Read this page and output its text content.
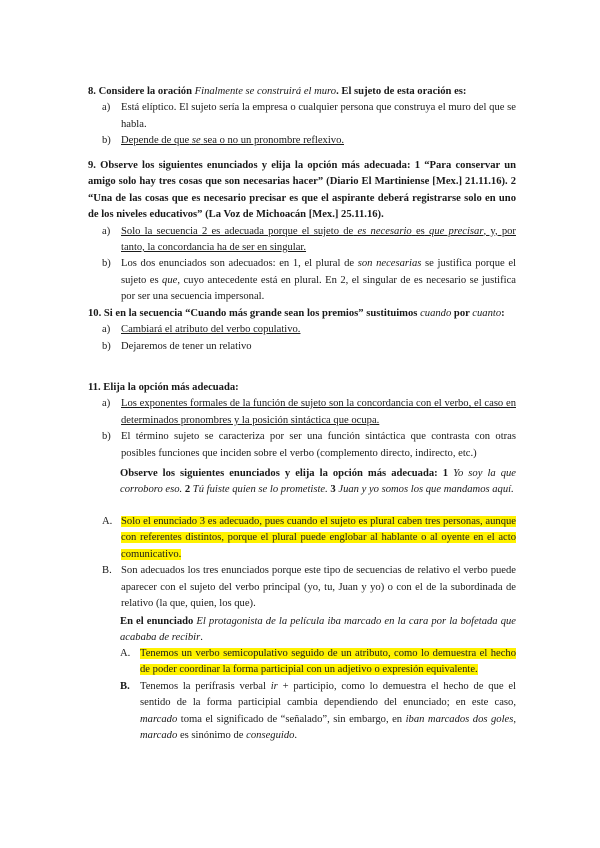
8. Considere la oración Finalmente se construirá el muro. El sujeto de esta oración es:

a)	Está elíptico. El sujeto sería la empresa o cualquier persona que construya el muro del que se habla.
b) Depende de que se sea o no un pronombre reflexivo.

9. Observe los siguientes enunciados y elija la opción más adecuada: 1 “Para conservar un amigo solo hay tres cosas que son necesarias hacer” (Diario El Martiniense [Mex.] 21.11.16). 2 “Una de las cosas que es necesario precisar es que el aspirante deberá registrarse solo en uno de los niveles educativos” (La Voz de Michoacán [Mex.] 25.11.16).

a)	Solo la secuencia 2 es adecuada porque el sujeto de es necesario es que precisar, y, por tanto, la concordancia ha de ser en singular.
b) Los dos enunciados son adecuados: en 1, el plural de son necesarias se justifica porque el sujeto es que, cuyo antecedente está en plural. En 2, el singular de es necesario se justifica por ser una secuencia impersonal.

10. Si en la secuencia “Cuando más grande sean los premios” sustituimos cuando por cuanto:

a)	Cambiará el atributo del verbo copulativo.
b) Dejaremos de tener un relativo

11. Elija la opción más adecuada:

a)	Los exponentes formales de la función de sujeto son la concordancia con el verbo, el caso en determinados pronombres y la posición sintáctica que ocupa.
b) El término sujeto se caracteriza por ser una función sintáctica que contrasta con otras posibles funciones que inciden sobre el verbo (complemento directo, indirecto, etc.)

Observe los siguientes enunciados y elija la opción más adecuada: 1 Yo soy la que corroboro eso. 2 Tú fuiste quien se lo prometiste. 3 Juan y yo somos los que mandamos aquí.

A. Solo el enunciado 3 es adecuado, pues cuando el sujeto es plural caben tres personas, aunque con referentes distintos, porque el plural puede englobar al hablante o al oyente en el acto comunicativo.
B. Son adecuados los tres enunciados porque este tipo de secuencias de relativo el verbo puede aparecer con el sujeto del verbo principal (yo, tu, Juan y yo) o con el de la subordinada de relativo (la que, quien, los que).

En el enunciado El protagonista de la película iba marcado en la cara por la bofetada que acababa de recibir.

A. Tenemos un verbo semicopulativo seguido de un atributo, como lo demuestra el hecho de poder coordinar la forma participial con un adjetivo o expresión equivalente.
B. Tenemos la perífrasis verbal ir + participio, como lo demuestra el hecho de que el sentido de la forma participial cambia dependiendo del enunciado; en este caso, marcado toma el significado de “señalado”, sin embargo, en iban marcados dos goles, marcado es sinónimo de conseguido.
